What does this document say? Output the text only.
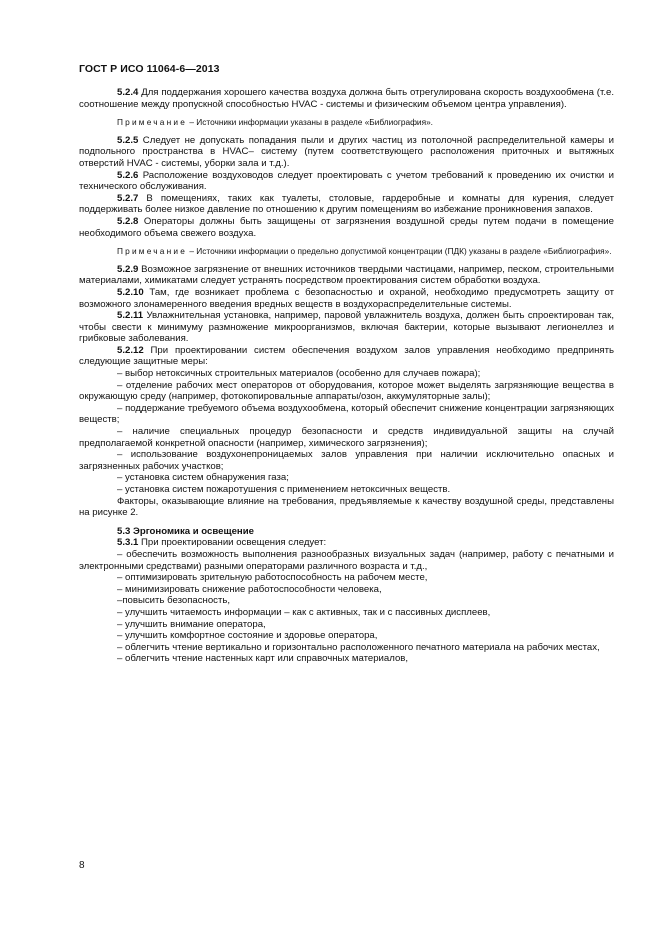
ГОСТ Р ИСО 11064-6—2013

5.2.4 Для поддержания хорошего качества воздуха должна быть отрегулирована скорость воздухообмена (т.е. соотношение между пропускной способностью HVAC - системы и физическим объемом центра управления).

Примечание – Источники информации указаны в разделе «Библиография».

5.2.5 Следует не допускать попадания пыли и других частиц из потолочной распределительной камеры и подпольного пространства в HVAC– систему (путем соответствующего расположения приточных и вытяжных отверстий HVAC - системы, уборки зала и т.д.).

5.2.6 Расположение воздуховодов следует проектировать с учетом требований к проведению их очистки и технического обслуживания.

5.2.7 В помещениях, таких как туалеты, столовые, гардеробные и комнаты для курения, следует поддерживать более низкое давление по отношению к другим помещениям во избежание проникновения запахов.

5.2.8 Операторы должны быть защищены от загрязнения воздушной среды путем подачи в помещение необходимого объема свежего воздуха.

Примечание – Источники информации о предельно допустимой концентрации (ПДК) указаны в разделе «Библиография».

5.2.9 Возможное загрязнение от внешних источников твердыми частицами, например, песком, строительными материалами, химикатами следует устранять посредством проектирования систем обработки воздуха.

5.2.10 Там, где возникает проблема с безопасностью и охраной, необходимо предусмотреть защиту от возможного злонамеренного введения вредных веществ в воздухораспределительные системы.

5.2.11 Увлажнительная установка, например, паровой увлажнитель воздуха, должен быть спроектирован так, чтобы свести к минимуму размножение микроорганизмов, включая бактерии, которые вызывают легионеллез и грибковые заболевания.

5.2.12 При проектировании систем обеспечения воздухом залов управления необходимо предпринять следующие защитные меры:

– выбор нетоксичных строительных материалов (особенно для случаев пожара);

– отделение рабочих мест операторов от оборудования, которое может выделять загрязняющие вещества в окружающую среду (например, фотокопировальные аппараты/озон, аккумуляторные залы);

– поддержание требуемого объема воздухообмена, который обеспечит снижение концентрации загрязняющих веществ;

– наличие специальных процедур безопасности и средств индивидуальной защиты на случай предполагаемой конкретной опасности (например, химического загрязнения);

– использование воздухонепроницаемых залов управления при наличии исключительно опасных и загрязненных рабочих участков;

– установка систем обнаружения газа;

– установка систем пожаротушения с применением нетоксичных веществ.

Факторы, оказывающие влияние на требования, предъявляемые к качеству воздушной среды, представлены на рисунке 2.

5.3 Эргономика и освещение

5.3.1 При проектировании освещения следует:

– обеспечить возможность выполнения разнообразных визуальных задач (например, работу с печатными и электронными средствами) разными операторами различного возраста и т.д.,

– оптимизировать зрительную работоспособность на рабочем месте,

– минимизировать снижение работоспособности человека,

–повысить безопасность,

– улучшить читаемость информации – как с активных, так и с пассивных дисплеев,

– улучшить внимание оператора,

– улучшить комфортное состояние и здоровье оператора,

– облегчить чтение вертикально и горизонтально расположенного печатного материала на рабочих местах,

– облегчить чтение настенных карт или справочных материалов,

8
